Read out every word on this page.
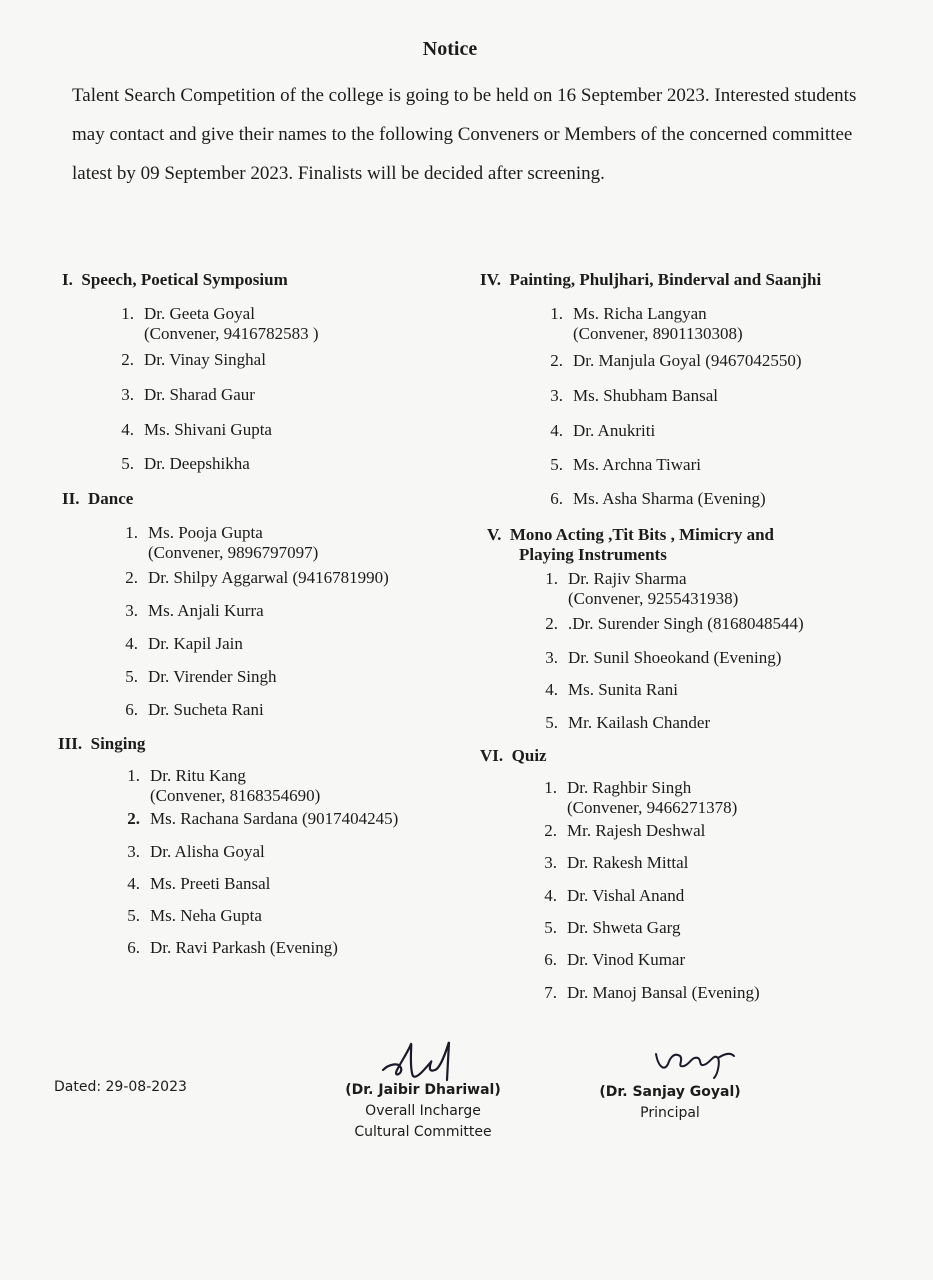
Notice
Talent Search Competition of the college is going to be held on 16 September 2023. Interested students may contact and give their names to the following Conveners or Members of the concerned committee latest by 09 September 2023. Finalists will be decided after screening.
I. Speech, Poetical Symposium
1. Dr. Geeta Goyal
(Convener, 9416782583 )
2. Dr. Vinay Singhal
3. Dr. Sharad Gaur
4. Ms. Shivani Gupta
5. Dr. Deepshikha
II. Dance
1. Ms. Pooja Gupta
(Convener, 9896797097)
2. Dr. Shilpy Aggarwal (9416781990)
3. Ms. Anjali Kurra
4. Dr. Kapil Jain
5. Dr. Virender Singh
6. Dr. Sucheta Rani
III. Singing
1. Dr. Ritu Kang
(Convener, 8168354690)
2. Ms. Rachana Sardana (9017404245)
3. Dr. Alisha Goyal
4. Ms. Preeti Bansal
5. Ms. Neha Gupta
6. Dr. Ravi Parkash (Evening)
IV. Painting, Phuljhari, Binderval and Saanjhi
1. Ms. Richa Langyan
(Convener, 8901130308)
2. Dr. Manjula Goyal (9467042550)
3. Ms. Shubham Bansal
4. Dr. Anukriti
5. Ms. Archna Tiwari
6. Ms. Asha Sharma (Evening)
V. Mono Acting ,Tit Bits , Mimicry and
Playing Instruments
1. Dr. Rajiv Sharma
(Convener, 9255431938)
2. .Dr. Surender Singh (8168048544)
3. Dr. Sunil Shoeokand (Evening)
4. Ms. Sunita Rani
5. Mr. Kailash Chander
VI. Quiz
1. Dr. Raghbir Singh
(Convener, 9466271378)
2. Mr. Rajesh Deshwal
3. Dr. Rakesh Mittal
4. Dr. Vishal Anand
5. Dr. Shweta Garg
6. Dr. Vinod Kumar
7. Dr. Manoj Bansal (Evening)
Dated: 29-08-2023	(Dr. Jaibir Dhariwal)
Overall Incharge
Cultural Committee
(Dr. Sanjay Goyal)
Principal
